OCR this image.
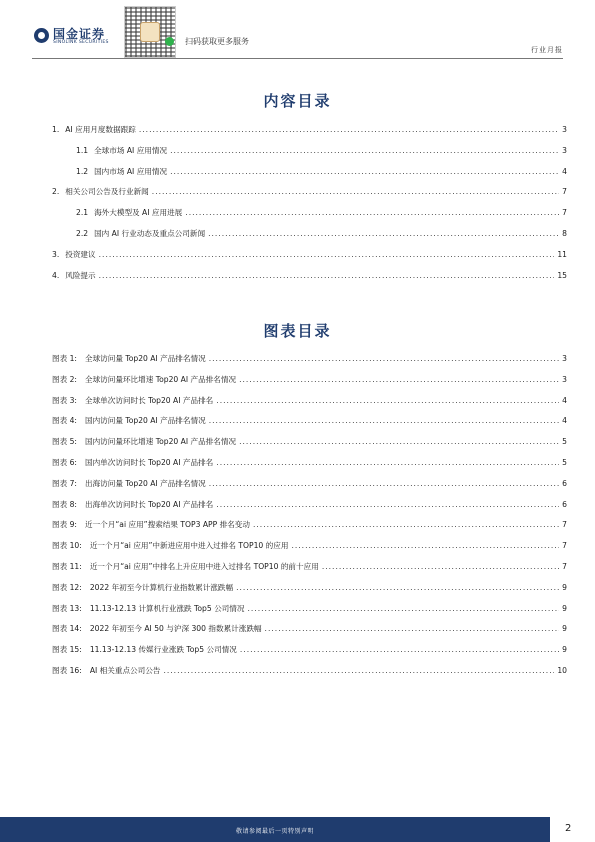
国金证券
SINOLINK SECURITIES	扫码获取更多服务
行业月报
内容目录
1. AI 应用月度数据跟踪 .....	3
1.1 全球市场 AI 应用情况 .....	3
1.2 国内市场 AI 应用情况 .....	4
2. 相关公司公告及行业新闻 .....	7
2.1 海外大模型及 AI 应用进展 .....	7
2.2 国内 AI 行业动态及重点公司新闻 .....	8
3. 投资建议 .....	11
4. 风险提示 .....	15
图表目录
图表 1: 全球访问量 Top20 AI 产品排名情况 .....	3
图表 2: 全球访问量环比增速 Top20 AI 产品排名情况 .....	3
图表 3: 全球单次访问时长 Top20 AI 产品排名 .....	4
图表 4: 国内访问量 Top20 AI 产品排名情况 .....	4
图表 5: 国内访问量环比增速 Top20 AI 产品排名情况 .....	5
图表 6: 国内单次访问时长 Top20 AI 产品排名 .....	5
图表 7: 出海访问量 Top20 AI 产品排名情况 .....	6
图表 8: 出海单次访问时长 Top20 AI 产品排名 .....	6
图表 9: 近一个月“ai 应用”搜索结果 TOP3 APP 排名变动 .....	7
图表 10: 近一个月“ai 应用”中新进应用中进入过排名 TOP10 的应用 .....	7
图表 11: 近一个月“ai 应用”中排名上升应用中进入过排名 TOP10 的前十应用 .....	7
图表 12: 2022 年初至今计算机行业指数累计涨跌幅 .....	9
图表 13: 11.13-12.13 计算机行业涨跌 Top5 公司情况 .....	9
图表 14: 2022 年初至今 AI 50 与沪深 300 指数累计涨跌幅 .....	9
图表 15: 11.13-12.13 传媒行业涨跌 Top5 公司情况 .....	9
图表 16: AI 相关重点公司公告 .....	10
敬请参阅最后一页特别声明	2
